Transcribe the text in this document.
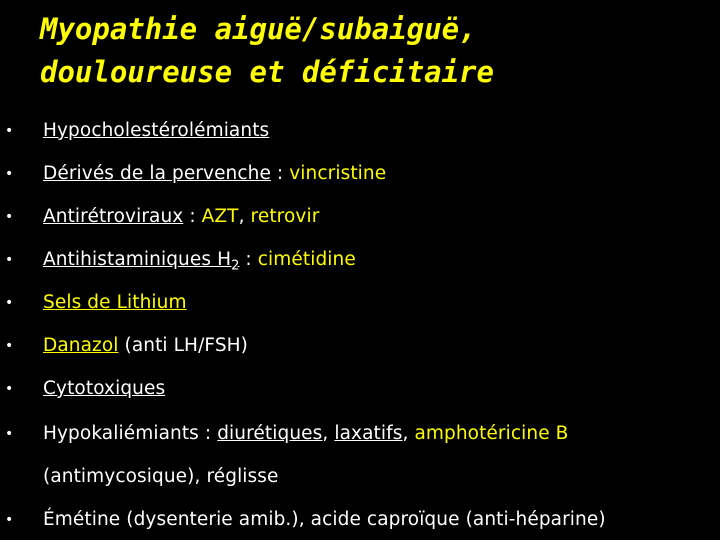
Myopathie aiguë/subaiguë,
douloureuse et déficitaire
• Hypocholestérolémiants
• Dérivés de la pervenche : vincristine
• Antirétroviraux : AZT, retrovir
• Antihistaminiques $H_2$ : cimétidine
• Sels de Lithium
• Danazol (anti LH/FSH)
• Cytotoxiques
• Hypokaliémiants : diurétiques, laxatifs, amphotéricine B
(antimycosique), réglisse
• Émétine (dysenterie amib.), acide caproïque (anti-héparine)
